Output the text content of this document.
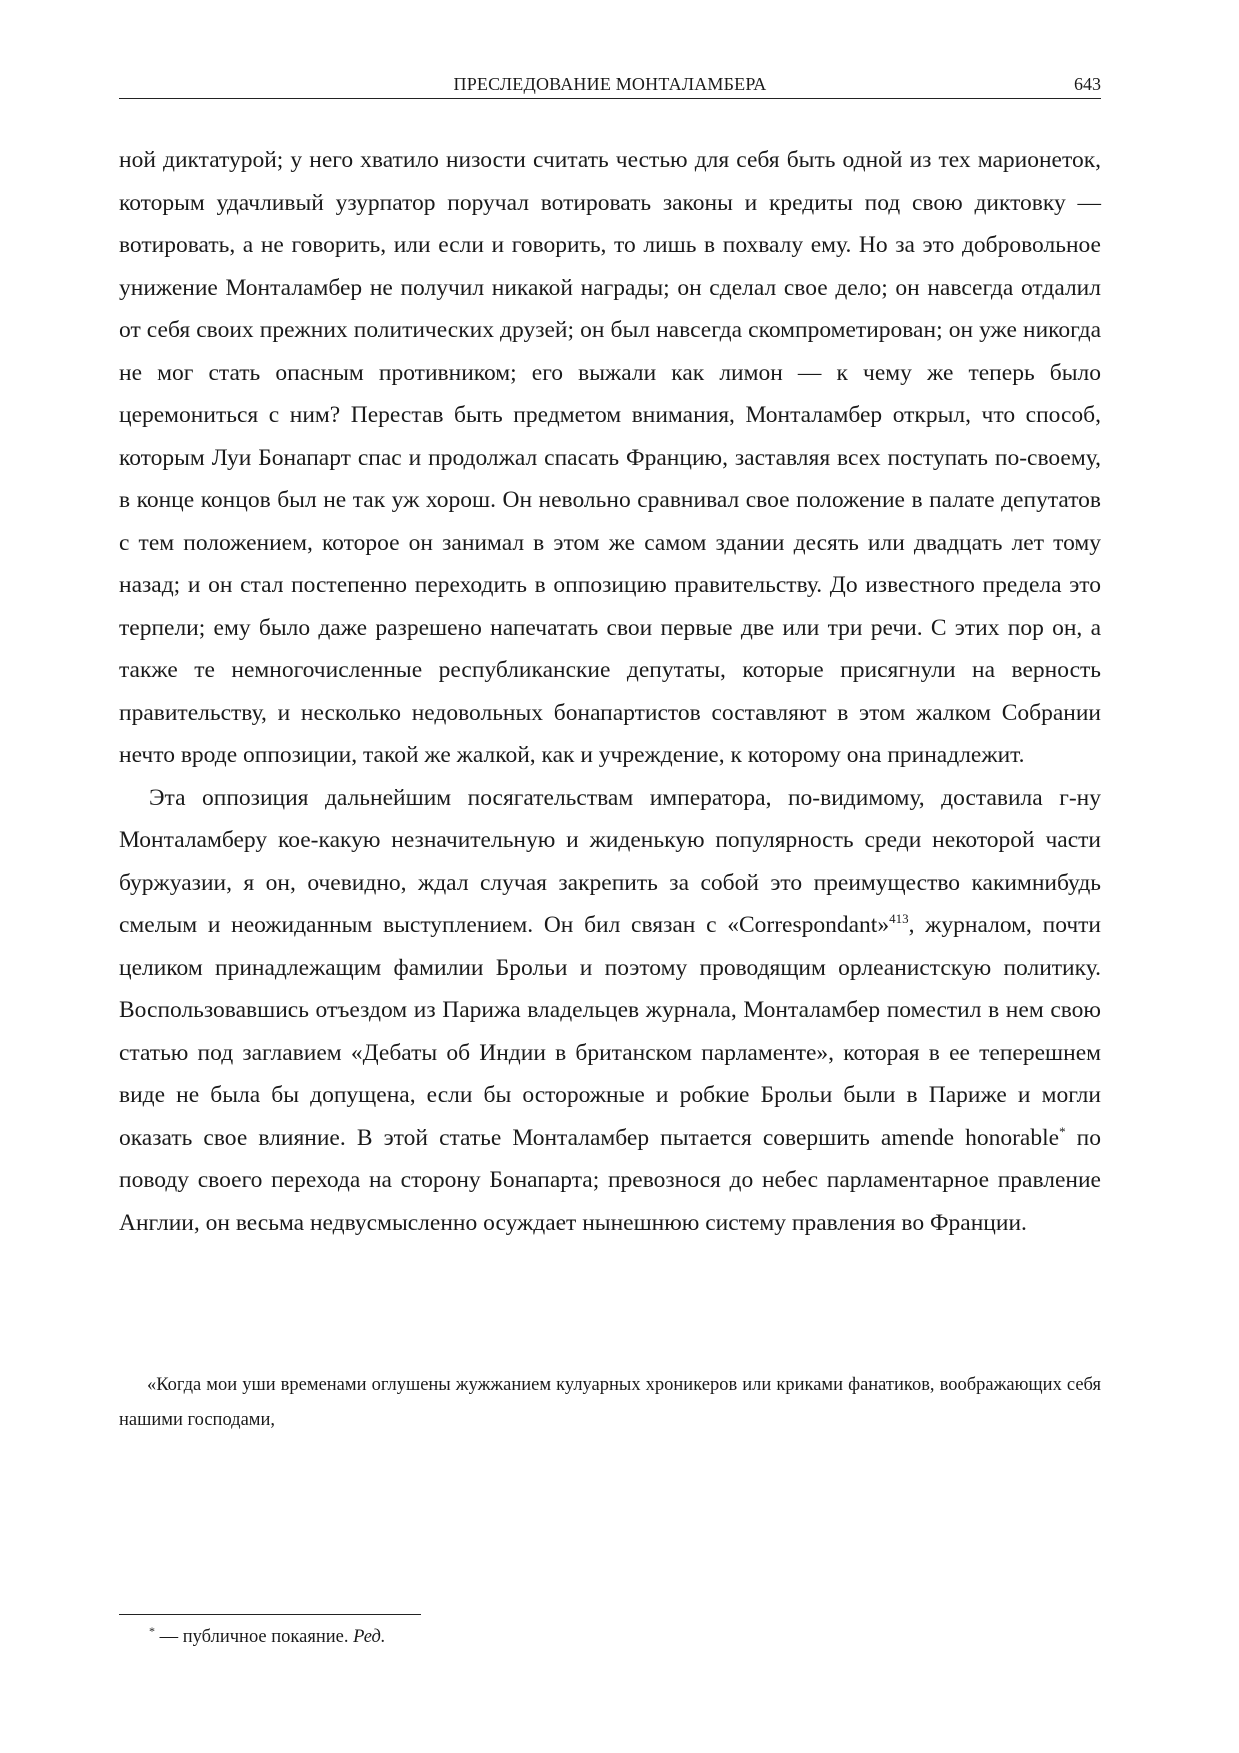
ПРЕСЛЕДОВАНИЕ МОНТАЛАМБЕРА	643

ной диктатурой; у него хватило низости считать честью для себя быть одной из тех марионеток, которым удачливый узурпатор поручал вотировать законы и кредиты под свою диктовку — вотировать, а не говорить, или если и говорить, то лишь в похвалу ему. Но за это добровольное унижение Монталамбер не получил никакой награды; он сделал свое дело; он навсегда отдалил от себя своих прежних политических друзей; он был навсегда скомпрометирован; он уже никогда не мог стать опасным противником; его выжали как лимон — к чему же теперь было церемониться с ним? Перестав быть предметом внимания, Монталамбер открыл, что способ, которым Луи Бонапарт спас и продолжал спасать Францию, заставляя всех поступать по-своему, в конце концов был не так уж хорош. Он невольно сравнивал свое положение в палате депутатов с тем положением, которое он занимал в этом же самом здании десять или двадцать лет тому назад; и он стал постепенно переходить в оппозицию правительству. До известного предела это терпели; ему было даже разрешено напечатать свои первые две или три речи. С этих пор он, а также те немногочисленные республиканские депутаты, которые присягнули на верность правительству, и несколько недовольных бонапартистов составляют в этом жалком Собрании нечто вроде оппозиции, такой же жалкой, как и учреждение, к которому она принадлежит.

Эта оппозиция дальнейшим посягательствам императора, по-видимому, доставила г-ну Монталамберу кое-какую незначительную и жиденькую популярность среди некоторой части буржуазии, я он, очевидно, ждал случая закрепить за собой это преимущество какимнибудь смелым и неожиданным выступлением. Он бил связан с «Correspondant»$^{413}$, журналом, почти целиком принадлежащим фамилии Брольи и поэтому проводящим орлеанистскую политику. Воспользовавшись отъездом из Парижа владельцев журнала, Монталамбер поместил в нем свою статью под заглавием «Дебаты об Индии в британском парламенте», которая в ее теперешнем виде не была бы допущена, если бы осторожные и робкие Брольи были в Париже и могли оказать свое влияние. В этой статье Монталамбер пытается совершить amende honorable* по поводу своего перехода на сторону Бонапарта; превознося до небес парламентарное правление Англии, он весьма недвусмысленно осуждает нынешнюю систему правления во Франции.

«Когда мои уши временами оглушены жужжанием кулуарных хроникеров или криками фанатиков, воображающих себя нашими господами,

* — публичное покаяние. Ред.
